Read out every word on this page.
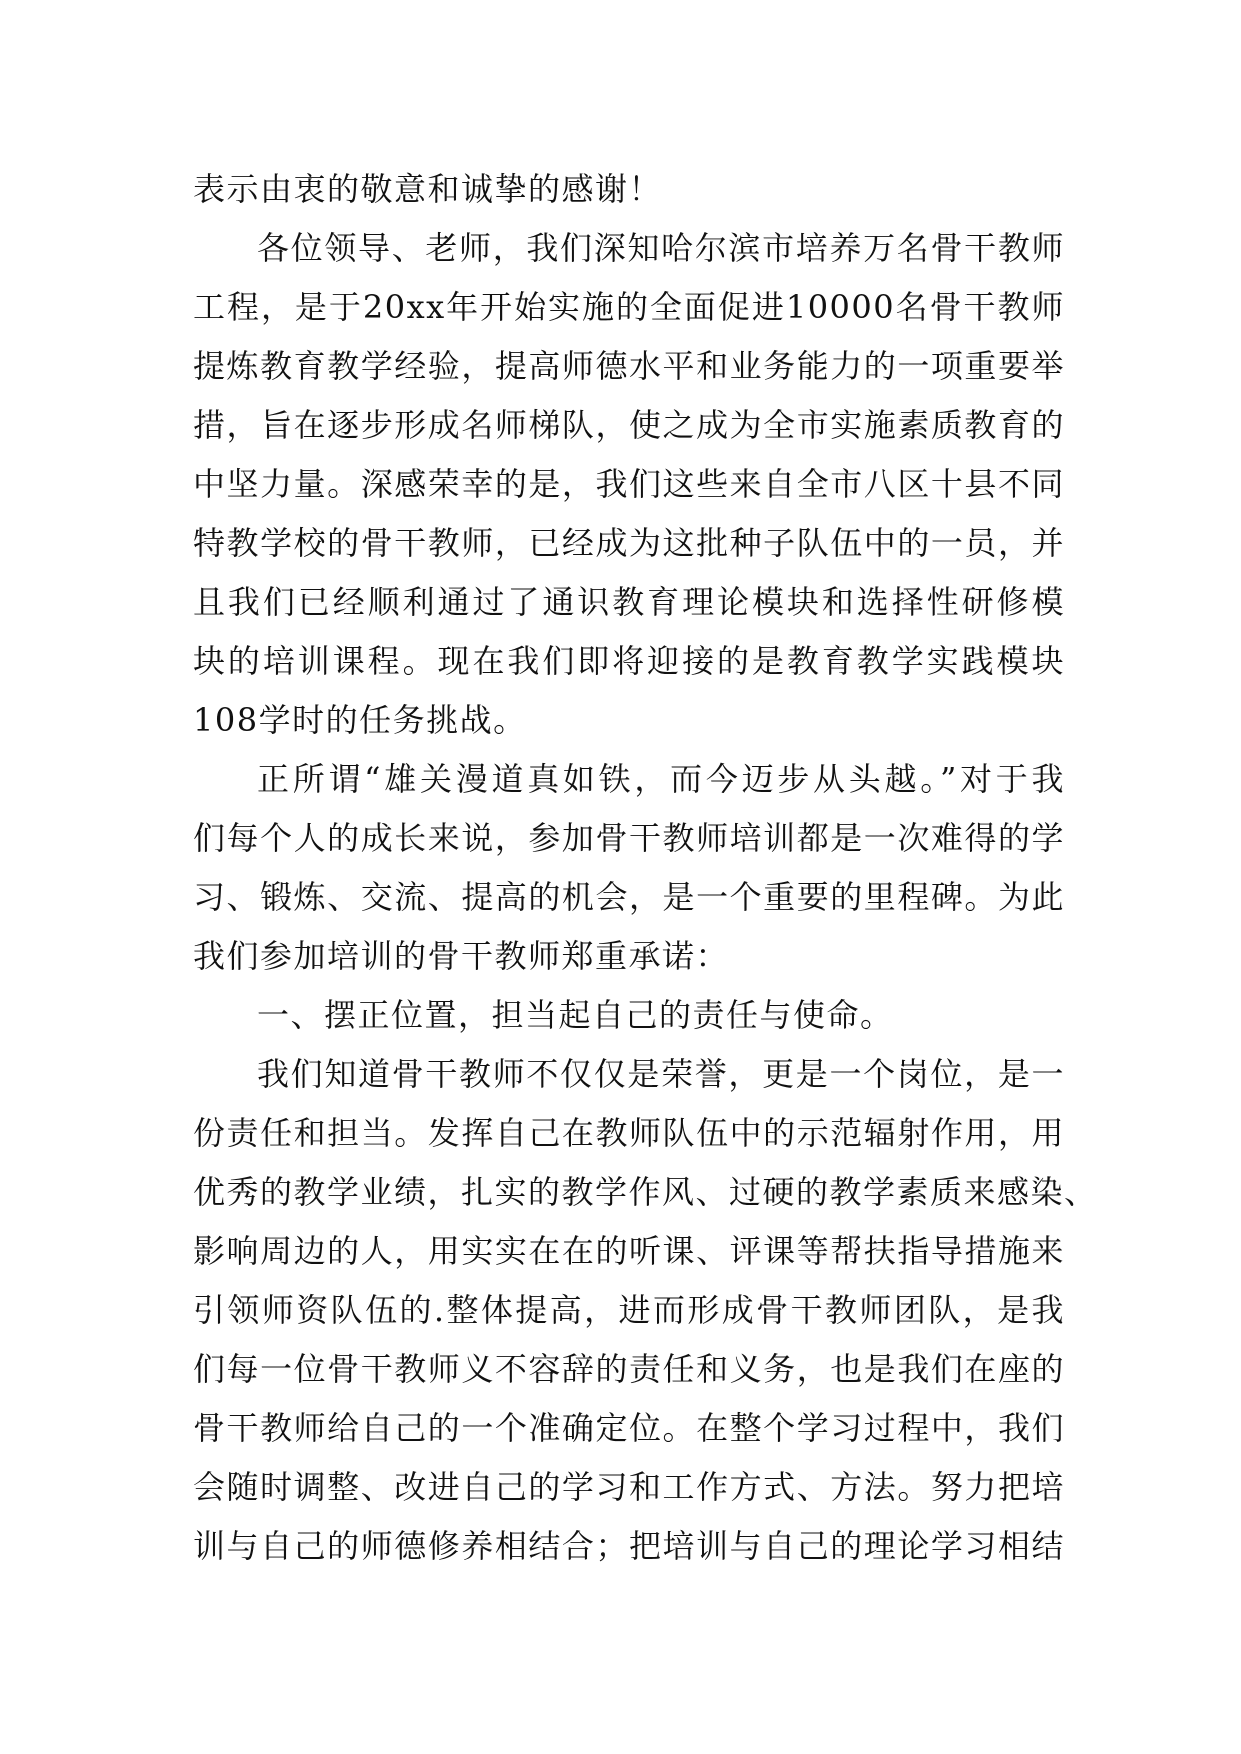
表示由衷的敬意和诚挚的感谢！
各位领导、老师，我们深知哈尔滨市培养万名骨干教师
工程，是于20xx年开始实施的全面促进10000名骨干教师
提炼教育教学经验，提高师德水平和业务能力的一项重要举
措，旨在逐步形成名师梯队，使之成为全市实施素质教育的
中坚力量。深感荣幸的是，我们这些来自全市八区十县不同
特教学校的骨干教师，已经成为这批种子队伍中的一员，并
且我们已经顺利通过了通识教育理论模块和选择性研修模
块的培训课程。现在我们即将迎接的是教育教学实践模块
108学时的任务挑战。
正所谓“雄关漫道真如铁，而今迈步从头越。”对于我
们每个人的成长来说，参加骨干教师培训都是一次难得的学
习、锻炼、交流、提高的机会，是一个重要的里程碑。为此
我们参加培训的骨干教师郑重承诺：
一、摆正位置，担当起自己的责任与使命。
我们知道骨干教师不仅仅是荣誉，更是一个岗位，是一
份责任和担当。发挥自己在教师队伍中的示范辐射作用，用
优秀的教学业绩，扎实的教学作风、过硬的教学素质来感染、
影响周边的人，用实实在在的听课、评课等帮扶指导措施来
引领师资队伍的.整体提高，进而形成骨干教师团队，是我
们每一位骨干教师义不容辞的责任和义务，也是我们在座的
骨干教师给自己的一个准确定位。在整个学习过程中，我们
会随时调整、改进自己的学习和工作方式、方法。努力把培
训与自己的师德修养相结合；把培训与自己的理论学习相结
